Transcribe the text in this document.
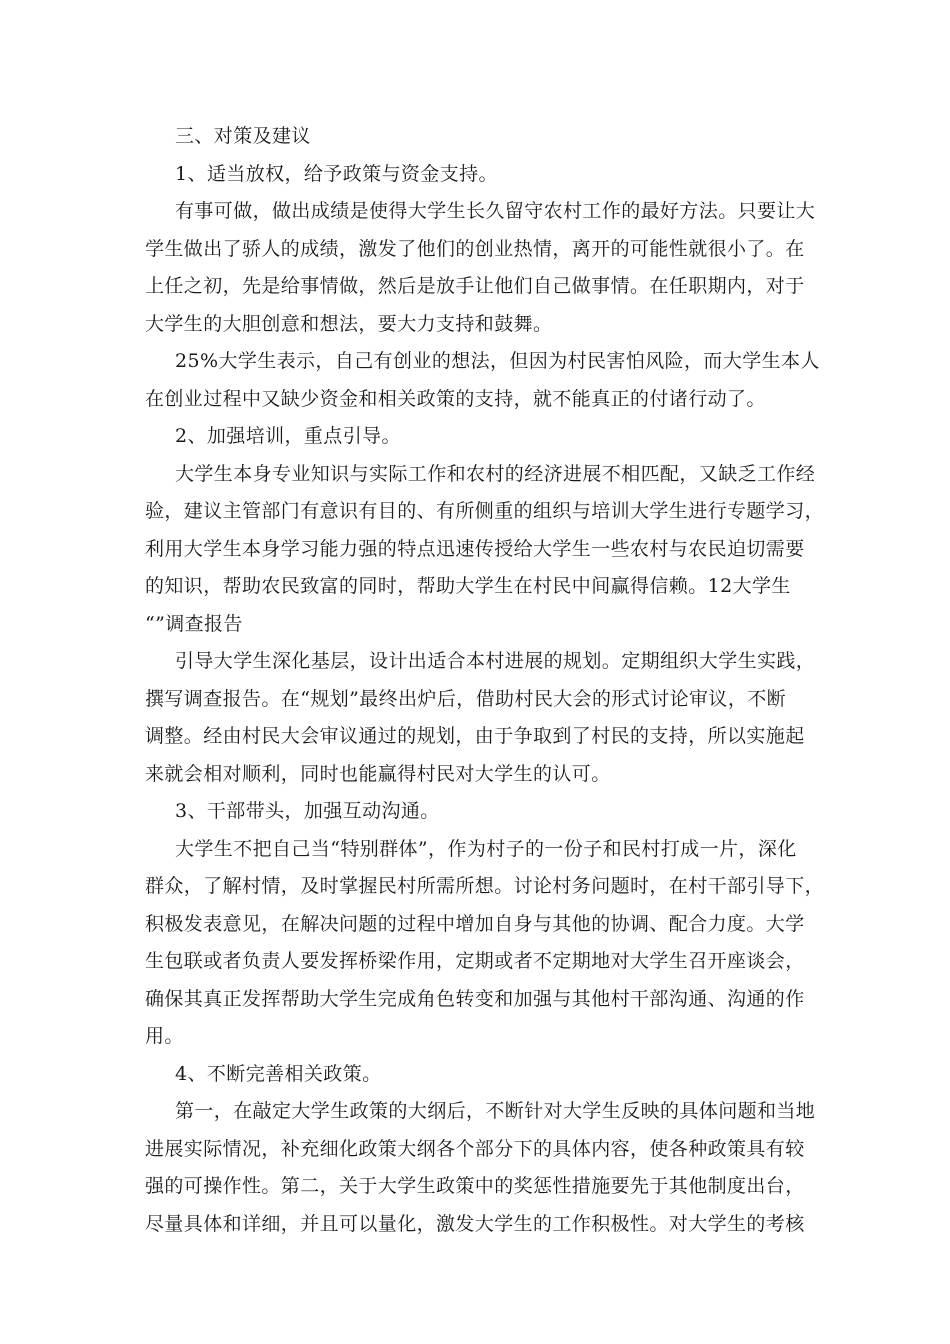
三、对策及建议
1、适当放权，给予政策与资金支持。
有事可做，做出成绩是使得大学生长久留守农村工作的最好方法。只要让大
学生做出了骄人的成绩，激发了他们的创业热情，离开的可能性就很小了。在
上任之初，先是给事情做，然后是放手让他们自己做事情。在任职期内，对于
大学生的大胆创意和想法，要大力支持和鼓舞。
25%大学生表示，自己有创业的想法，但因为村民害怕风险，而大学生本人
在创业过程中又缺少资金和相关政策的支持，就不能真正的付诸行动了。
2、加强培训，重点引导。
大学生本身专业知识与实际工作和农村的经济进展不相匹配，又缺乏工作经
验，建议主管部门有意识有目的、有所侧重的组织与培训大学生进行专题学习，
利用大学生本身学习能力强的特点迅速传授给大学生一些农村与农民迫切需要
的知识，帮助农民致富的同时，帮助大学生在村民中间赢得信赖。12大学生
“”调查报告
引导大学生深化基层，设计出适合本村进展的规划。定期组织大学生实践，
撰写调查报告。在“规划”最终出炉后，借助村民大会的形式讨论审议，不断
调整。经由村民大会审议通过的规划，由于争取到了村民的支持，所以实施起
来就会相对顺利，同时也能赢得村民对大学生的认可。
3、干部带头，加强互动沟通。
大学生不把自己当“特别群体”，作为村子的一份子和民村打成一片，深化
群众，了解村情，及时掌握民村所需所想。讨论村务问题时，在村干部引导下，
积极发表意见，在解决问题的过程中增加自身与其他的协调、配合力度。大学
生包联或者负责人要发挥桥梁作用，定期或者不定期地对大学生召开座谈会，
确保其真正发挥帮助大学生完成角色转变和加强与其他村干部沟通、沟通的作
用。
4、不断完善相关政策。
第一，在敲定大学生政策的大纲后，不断针对大学生反映的具体问题和当地
进展实际情况，补充细化政策大纲各个部分下的具体内容，使各种政策具有较
强的可操作性。第二，关于大学生政策中的奖惩性措施要先于其他制度出台，
尽量具体和详细，并且可以量化，激发大学生的工作积极性。对大学生的考核
